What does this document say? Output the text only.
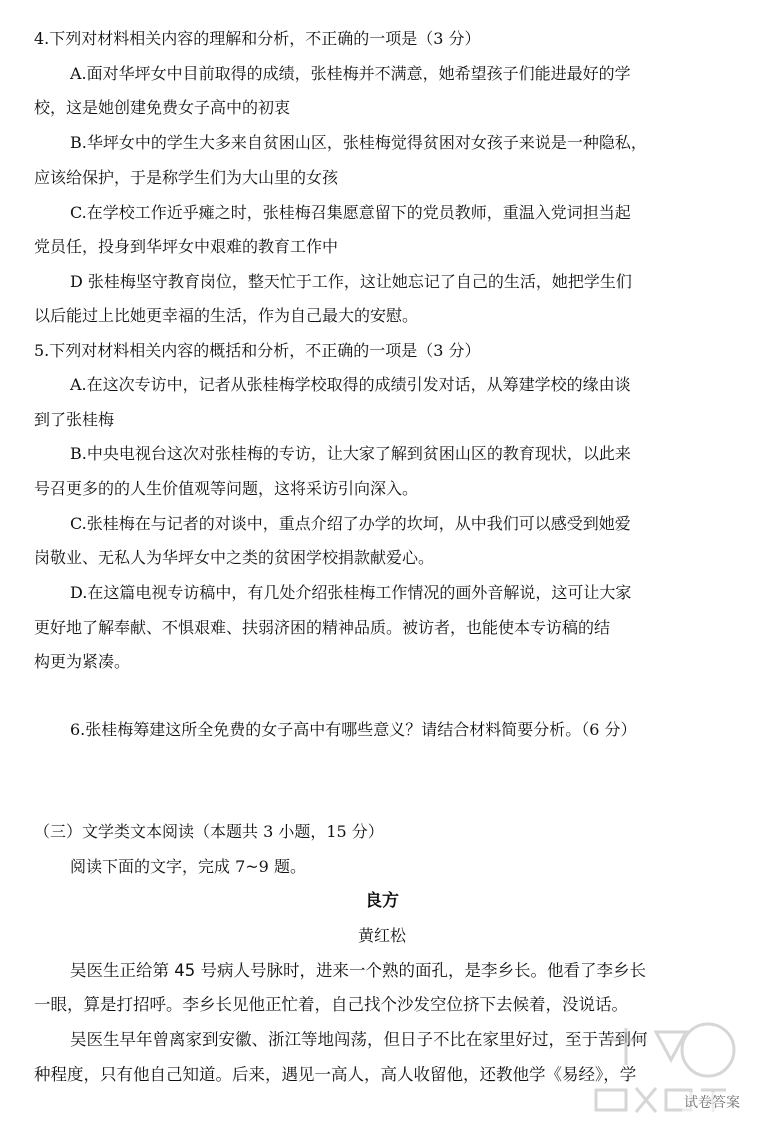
4.下列对材料相关内容的理解和分析，不正确的一项是（3 分）
A.面对华坪女中目前取得的成绩，张桂梅并不满意，她希望孩子们能进最好的学
校，这是她创建免费女子高中的初衷
B.华坪女中的学生大多来自贫困山区，张桂梅觉得贫困对女孩子来说是一种隐私，
应该给保护，于是称学生们为大山里的女孩
C.在学校工作近乎瘫之时，张桂梅召集愿意留下的党员教师，重温入党词担当起
党员任，投身到华坪女中艰难的教育工作中
D 张桂梅坚守教育岗位，整天忙于工作，这让她忘记了自己的生活，她把学生们
以后能过上比她更幸福的生活，作为自己最大的安慰。
5.下列对材料相关内容的概括和分析，不正确的一项是（3 分）
A.在这次专访中，记者从张桂梅学校取得的成绩引发对话，从筹建学校的缘由谈
到了张桂梅
B.中央电视台这次对张桂梅的专访，让大家了解到贫困山区的教育现状，以此来
号召更多的的人生价值观等问题，这将采访引向深入。
C.张桂梅在与记者的对谈中，重点介绍了办学的坎坷，从中我们可以感受到她爱
岗敬业、无私人为华坪女中之类的贫困学校捐款献爱心。
D.在这篇电视专访稿中，有几处介绍张桂梅工作情况的画外音解说，这可让大家
更好地了解奉献、不惧艰难、扶弱济困的精神品质。被访者，也能使本专访稿的结
构更为紧凑。
6.张桂梅筹建这所全免费的女子高中有哪些意义？请结合材料简要分析。（6 分）
（三）文学类文本阅读（本题共 3 小题，15 分）
阅读下面的文字，完成 7~9 题。
良方
黄红松
吴医生正给第 45 号病人号脉时，进来一个熟的面孔，是李乡长。他看了李乡长
一眼，算是打招呼。李乡长见他正忙着，自己找个沙发空位挤下去候着，没说话。
吴医生早年曾离家到安徽、浙江等地闯荡，但日子不比在家里好过，至于苦到何
种程度，只有他自己知道。后来，遇见一高人，高人收留他，还教他学《易经》，学
试卷答案
